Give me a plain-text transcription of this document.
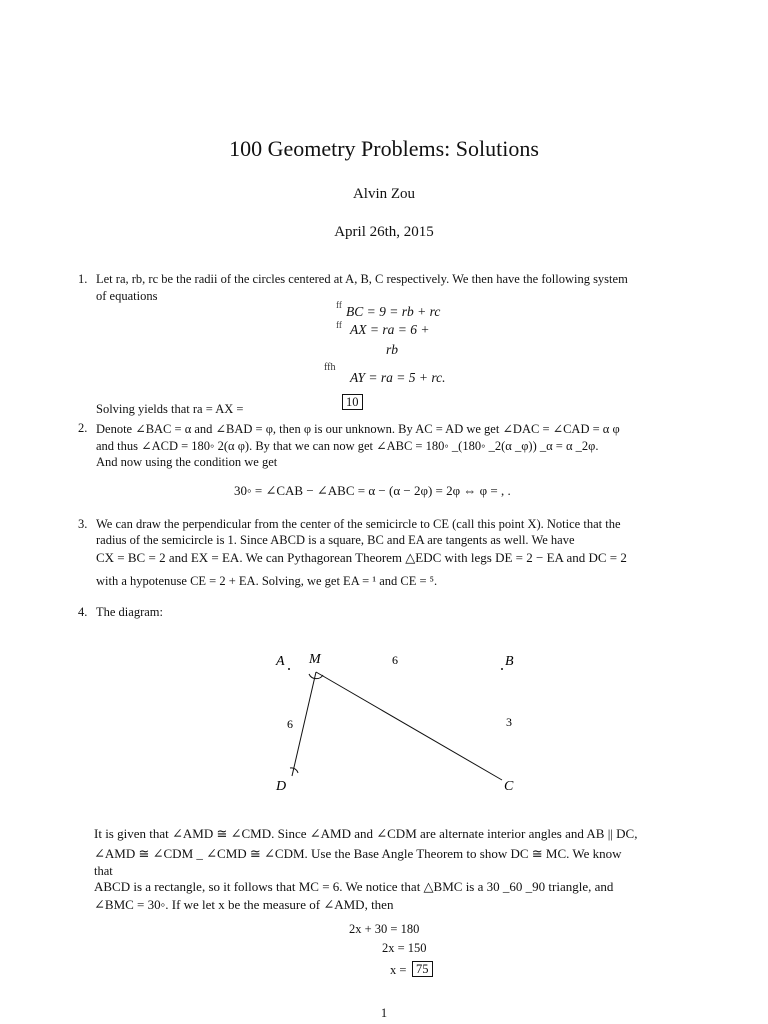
100 Geometry Problems: Solutions
Alvin Zou
April 26th, 2015
1. Let ra, rb, rc be the radii of the circles centered at A, B, C respectively. We then have the following system
of equations
ff BC = 9 = rb + rc
ff AX = ra = 6 +
rb
ffh
AY = ra = 5 + rc.
Solving yields that ra = AX =	10
2. Denote ∠BAC = α and ∠BAD = φ, then φ is our unknown. By AC = AD we get ∠DAC = ∠CAD = α φ
and thus ∠ACD = 180◦ 2(α φ). By that we can now get ∠ABC = 180◦ _(180◦ _2(α _φ)) _α = α _2φ.
And now using the condition we get
30◦ = ∠CAB − ∠ABC = α − (α − 2φ) = 2φ ⇔ φ = , .
3. We can draw the perpendicular from the center of the semicircle to CE (call this point X). Notice that the
radius of the semicircle is 1. Since ABCD is a square, BC and EA are tangents as well. We have
CX = BC = 2 and EX = EA. We can Pythagorean Theorem △EDC with legs DE = 2 − EA and DC = 2
with a hypotenuse CE = 2 + EA. Solving, we get EA = ¹ and CE = ⁵.
4. The diagram:
A M	B
D	C
6
6	3
It is given that ∠AMD ≅ ∠CMD. Since ∠AMD and ∠CDM are alternate interior angles and AB || DC,
∠AMD ≅ ∠CDM _ ∠CMD ≅ ∠CDM. Use the Base Angle Theorem to show DC ≅ MC. We know
that
ABCD is a rectangle, so it follows that MC = 6. We notice that △BMC is a 30 _60 _90 triangle, and
∠BMC = 30◦. If we let x be the measure of ∠AMD, then
2x + 30 = 180
2x = 150
x = 75
1
